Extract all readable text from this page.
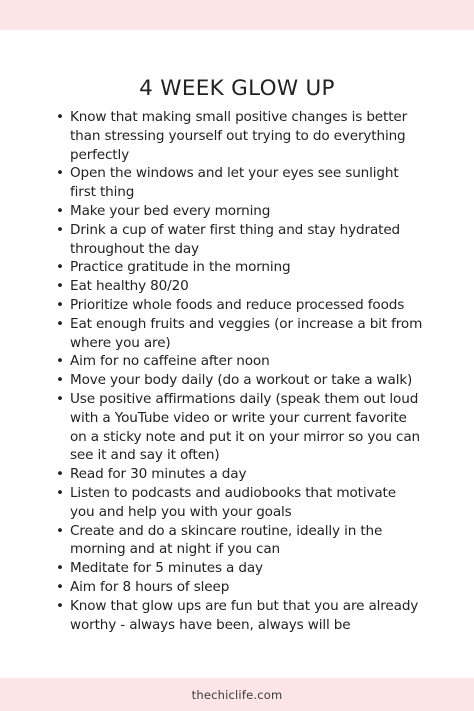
4 WEEK GLOW UP
• Know that making small positive changes is better than stressing yourself out trying to do everything perfectly
• Open the windows and let your eyes see sunlight first thing
• Make your bed every morning
• Drink a cup of water first thing and stay hydrated throughout the day
• Practice gratitude in the morning
• Eat healthy 80/20
• Prioritize whole foods and reduce processed foods
• Eat enough fruits and veggies (or increase a bit from where you are)
• Aim for no caffeine after noon
• Move your body daily (do a workout or take a walk)
• Use positive affirmations daily (speak them out loud with a YouTube video or write your current favorite on a sticky note and put it on your mirror so you can see it and say it often)
• Read for 30 minutes a day
• Listen to podcasts and audiobooks that motivate you and help you with your goals
• Create and do a skincare routine, ideally in the morning and at night if you can
• Meditate for 5 minutes a day
• Aim for 8 hours of sleep
• Know that glow ups are fun but that you are already worthy - always have been, always will be
thechiclife.com
